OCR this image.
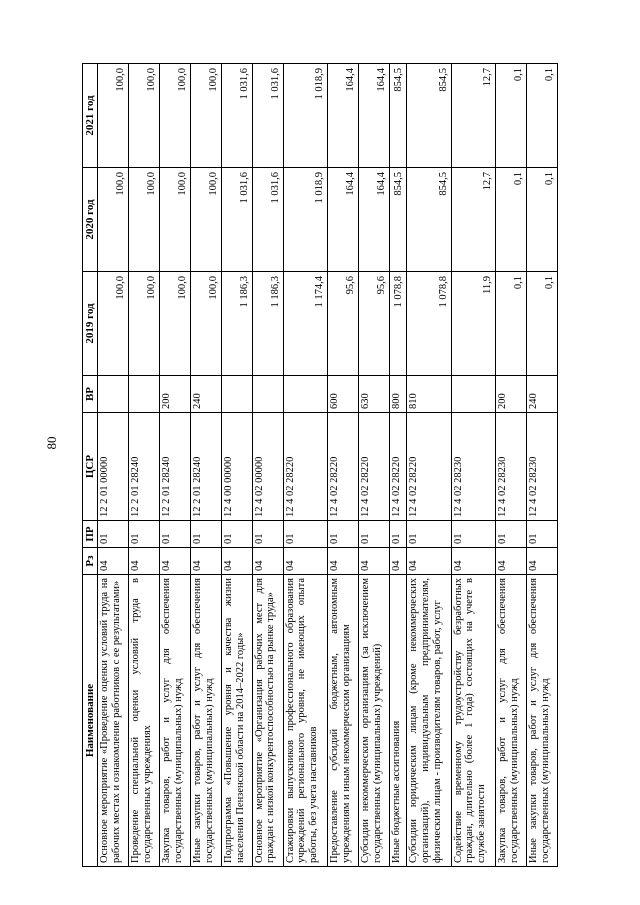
80
Наименование	Рз	ПР	ЦСР	ВР	2019 год	2020 год	2021 год
Основное мероприятие «Проведение оценки условий труда на рабочих местах и ознакомление работников с ее результатами»	04	01	12 2 01 00000		100,0	100,0	100,0
Проведение специальной оценки условий труда в государственных учреждениях	04	01	12 2 01 28240		100,0	100,0	100,0
Закупка товаров, работ и услуг для обеспечения государственных (муниципальных) нужд	04	01	12 2 01 28240	200	100,0	100,0	100,0
Иные закупки товаров, работ и услуг для обеспечения государственных (муниципальных) нужд	04	01	12 2 01 28240	240	100,0	100,0	100,0
Подпрограмма «Повышение уровня и качества жизни населения Пензенской области на 2014–2022 годы»	04	01	12 4 00 00000		1 186,3	1 031,6	1 031,6
Основное мероприятие «Организация рабочих мест для граждан с низкой конкурентоспособностью на рынке труда»	04	01	12 4 02 00000		1 186,3	1 031,6	1 031,6
Стажировки выпускников профессионального образования учреждений регионального уровня, не имеющих опыта работы, без учета наставников	04	01	12 4 02 28220		1 174,4	1 018,9	1 018,9
Предоставление субсидий бюджетным, автономным учреждениям и иным некоммерческим организациям	04	01	12 4 02 28220	600	95,6	164,4	164,4
Субсидии некоммерческим организациям (за исключением государственных (муниципальных) учреждений)	04	01	12 4 02 28220	630	95,6	164,4	164,4
Иные бюджетные ассигнования	04	01	12 4 02 28220	800	1 078,8	854,5	854,5
Субсидии юридическим лицам (кроме некоммерческих организаций), индивидуальным предпринимателям, физическим лицам - производителям товаров, работ, услуг	04	01	12 4 02 28220	810	1 078,8	854,5	854,5
Содействие временному трудоустройству безработных граждан, длительно (более 1 года) состоящих на учете в службе занятости	04	01	12 4 02 28230		11,9	12,7	12,7
Закупка товаров, работ и услуг для обеспечения государственных (муниципальных) нужд	04	01	12 4 02 28230	200	0,1	0,1	0,1
Иные закупки товаров, работ и услуг для обеспечения государственных (муниципальных) нужд	04	01	12 4 02 28230	240	0,1	0,1	0,1
